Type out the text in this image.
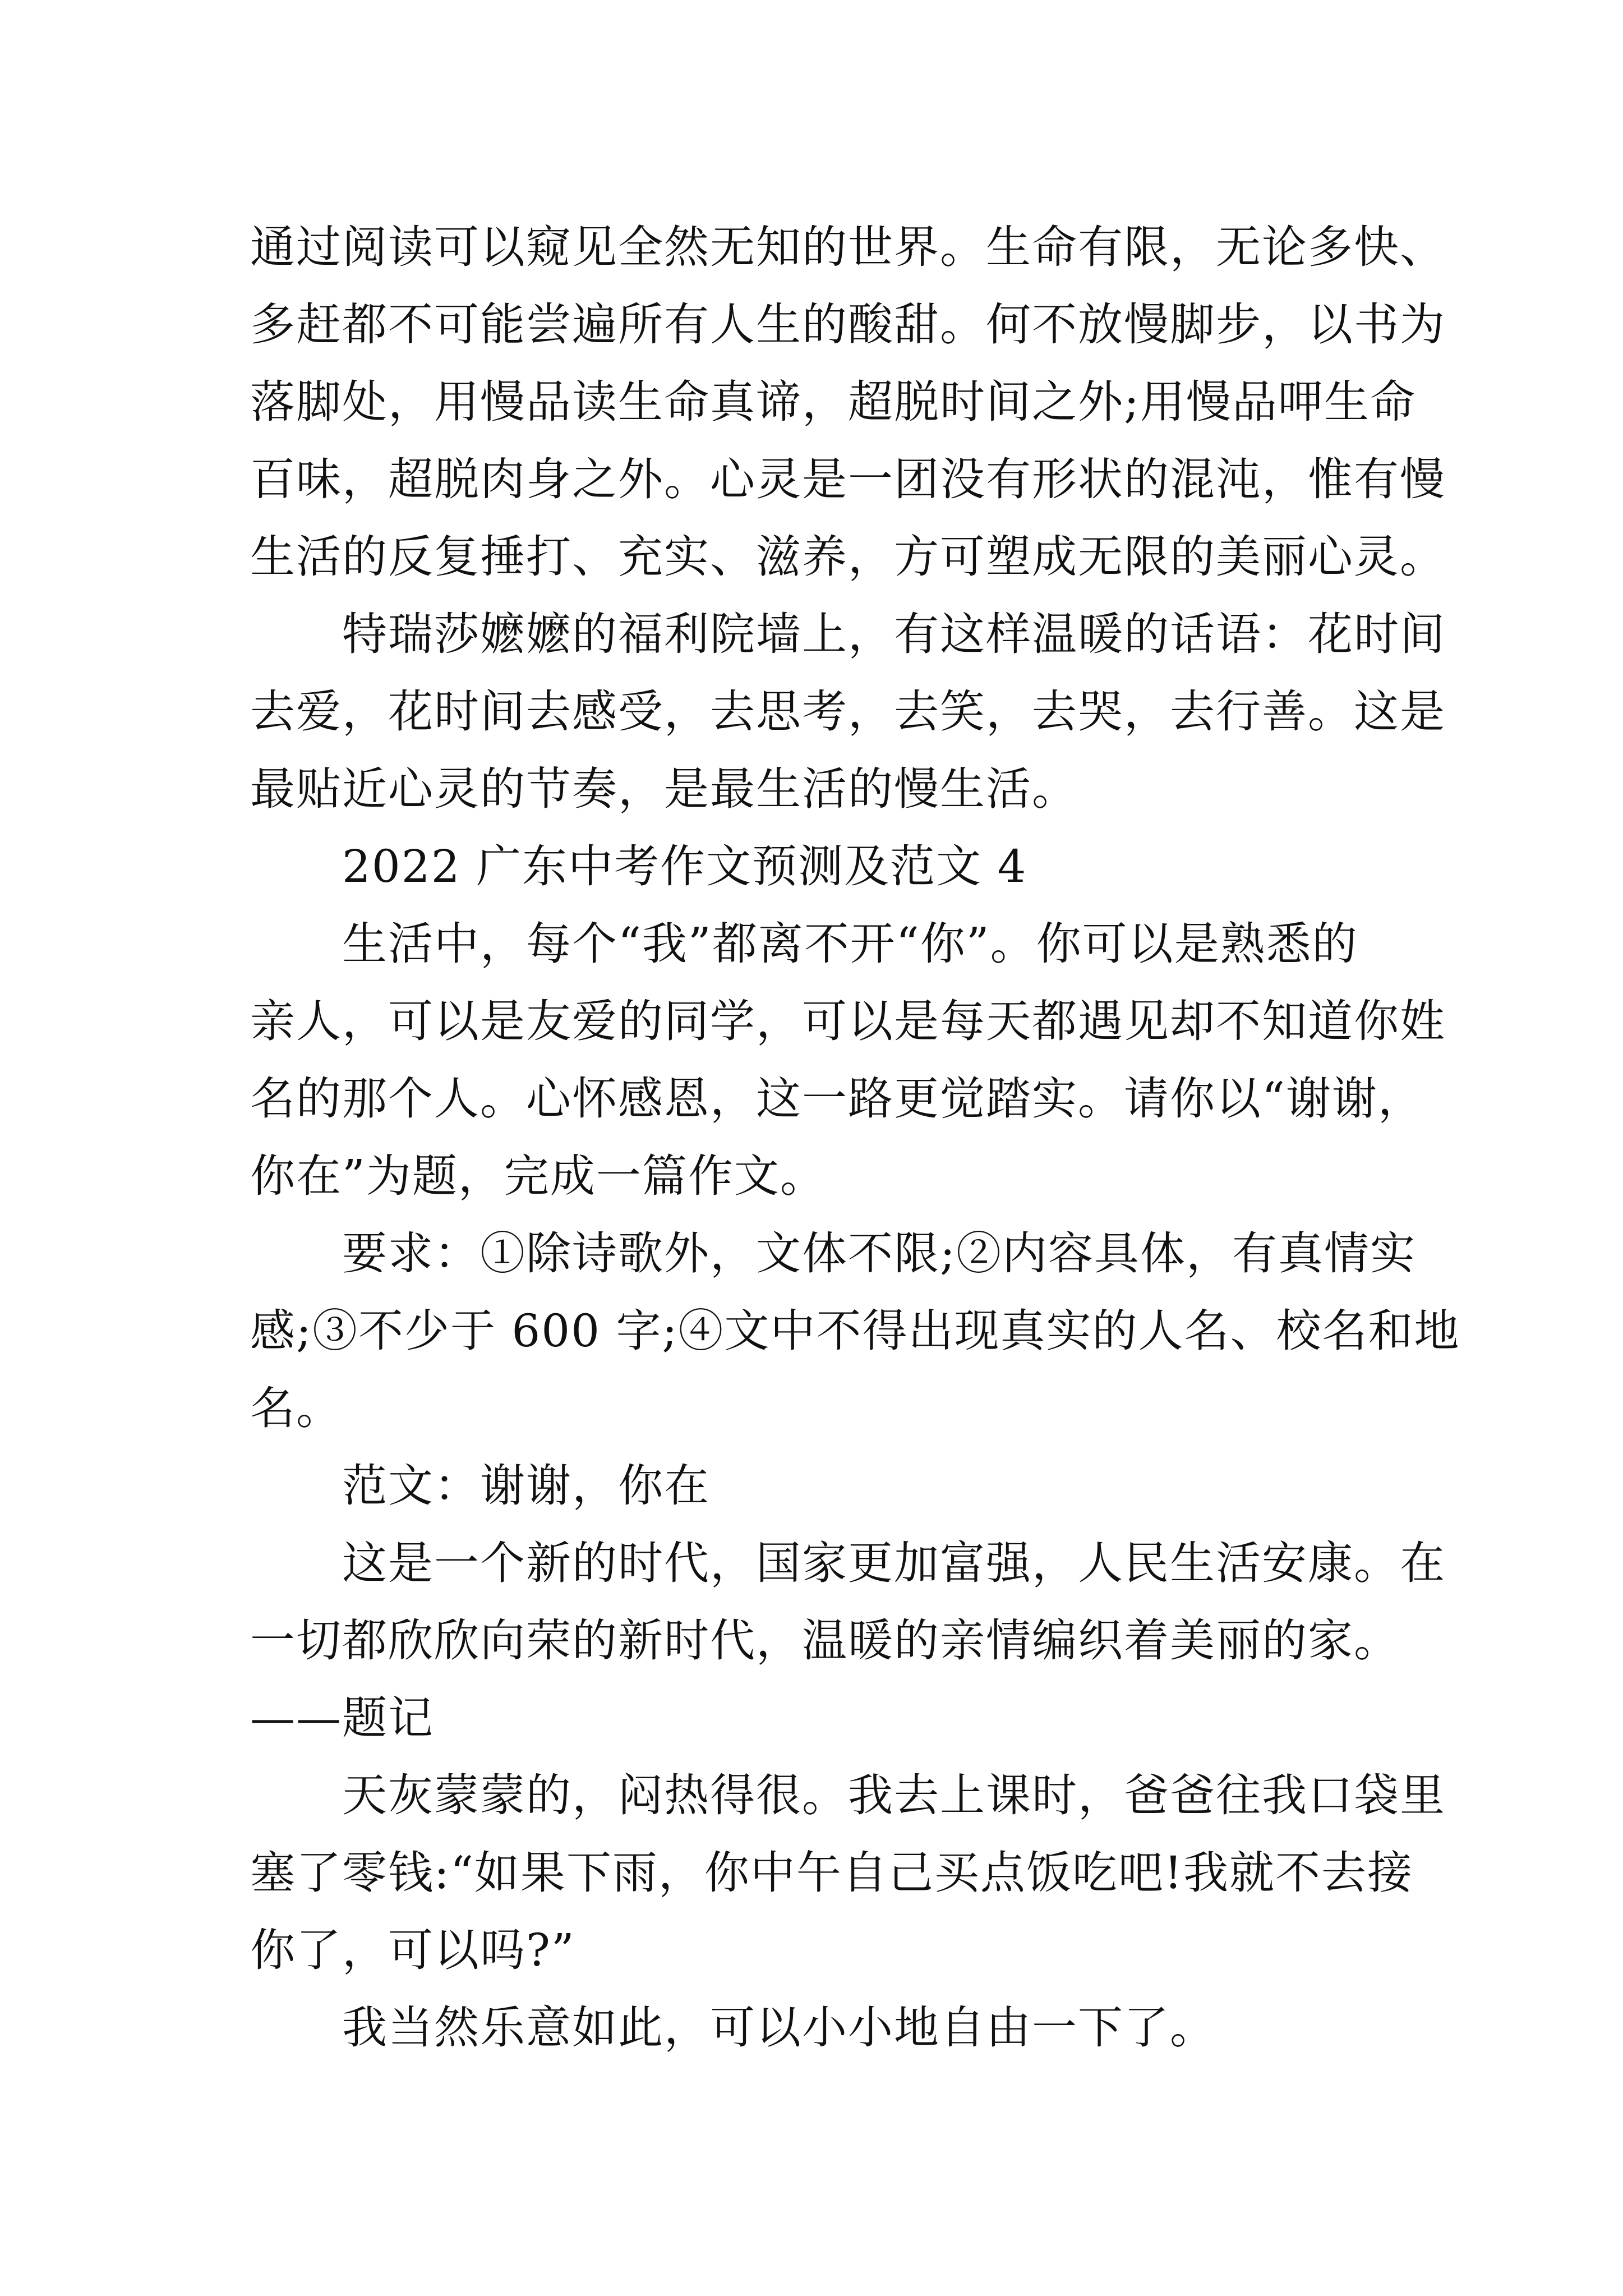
通过阅读可以窥见全然无知的世界。生命有限，无论多快、
多赶都不可能尝遍所有人生的酸甜。何不放慢脚步，以书为
落脚处，用慢品读生命真谛，超脱时间之外;用慢品呷生命
百味，超脱肉身之外。心灵是一团没有形状的混沌，惟有慢
生活的反复捶打、充实、滋养，方可塑成无限的美丽心灵。
特瑞莎嬷嬷的福利院墙上，有这样温暖的话语：花时间
去爱，花时间去感受，去思考，去笑，去哭，去行善。这是
最贴近心灵的节奏，是最生活的慢生活。
2022 广东中考作文预测及范文 4
生活中，每个“我”都离不开“你”。你可以是熟悉的
亲人，可以是友爱的同学，可以是每天都遇见却不知道你姓
名的那个人。心怀感恩，这一路更觉踏实。请你以“谢谢，
你在”为题，完成一篇作文。
要求：①除诗歌外，文体不限;②内容具体，有真情实
感;③不少于 600 字;④文中不得出现真实的人名、校名和地
名。
范文：谢谢，你在
这是一个新的时代，国家更加富强，人民生活安康。在
一切都欣欣向荣的新时代，温暖的亲情编织着美丽的家。
——题记
天灰蒙蒙的，闷热得很。我去上课时，爸爸往我口袋里
塞了零钱:“如果下雨，你中午自己买点饭吃吧!我就不去接
你了，可以吗?”
我当然乐意如此，可以小小地自由一下了。
